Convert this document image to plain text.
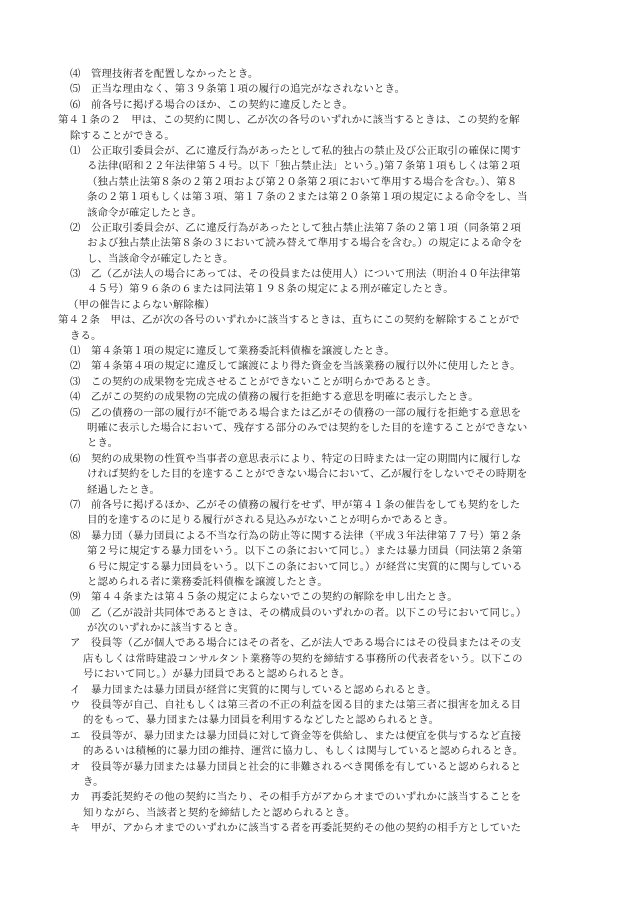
⑷　管理技術者を配置しなかったとき。
⑸　正当な理由なく、第３９条第１項の履行の追完がなされないとき。
⑹　前各号に掲げる場合のほか、この契約に違反したとき。
第４１条の２　甲は、この契約に関し、乙が次の各号のいずれかに該当するときは、この契約を解
除することができる。
⑴　公正取引委員会が、乙に違反行為があったとして私的独占の禁止及び公正取引の確保に関す
る法律(昭和２２年法律第５４号。以下「独占禁止法」という。)第７条第１項もしくは第２項
（独占禁止法第８条の２第２項および第２０条第２項において準用する場合を含む。）、第８
条の２第１項もしくは第３項、第１７条の２または第２０条第１項の規定による命令をし、当
該命令が確定したとき。
⑵　公正取引委員会が、乙に違反行為があったとして独占禁止法第７条の２第１項（同条第２項
および独占禁止法第８条の３において読み替えて準用する場合を含む。）の規定による命令を
し、当該命令が確定したとき。
⑶　乙（乙が法人の場合にあっては、その役員または使用人）について刑法（明治４０年法律第
４５号）第９６条の６または同法第１９８条の規定による刑が確定したとき。
（甲の催告によらない解除権）
第４２条　甲は、乙が次の各号のいずれかに該当するときは、直ちにこの契約を解除することがで
きる。
⑴　第４条第１項の規定に違反して業務委託料債権を譲渡したとき。
⑵　第４条第４項の規定に違反して譲渡により得た資金を当該業務の履行以外に使用したとき。
⑶　この契約の成果物を完成させることができないことが明らかであるとき。
⑷　乙がこの契約の成果物の完成の債務の履行を拒絶する意思を明確に表示したとき。
⑸　乙の債務の一部の履行が不能である場合または乙がその債務の一部の履行を拒絶する意思を
明確に表示した場合において、残存する部分のみでは契約をした目的を達することができない
とき。
⑹　契約の成果物の性質や当事者の意思表示により、特定の日時または一定の期間内に履行しな
ければ契約をした目的を達することができない場合において、乙が履行をしないでその時期を
経過したとき。
⑺　前各号に掲げるほか、乙がその債務の履行をせず、甲が第４１条の催告をしても契約をした
目的を達するのに足りる履行がされる見込みがないことが明らかであるとき。
⑻　暴力団（暴力団員による不当な行為の防止等に関する法律（平成３年法律第７７号）第２条
第２号に規定する暴力団をいう。以下この条において同じ。）または暴力団員（同法第２条第
６号に規定する暴力団員をいう。以下この条において同じ。）が経営に実質的に関与している
と認められる者に業務委託料債権を譲渡したとき。
⑼　第４４条または第４５条の規定によらないでこの契約の解除を申し出たとき。
⑽　乙（乙が設計共同体であるときは、その構成員のいずれかの者。以下この号において同じ。）
が次のいずれかに該当するとき。
ア　役員等（乙が個人である場合にはその者を、乙が法人である場合にはその役員またはその支
店もしくは常時建設コンサルタント業務等の契約を締結する事務所の代表者をいう。以下この
号において同じ。）が暴力団員であると認められるとき。
イ　暴力団または暴力団員が経営に実質的に関与していると認められるとき。
ウ　役員等が自己、自社もしくは第三者の不正の利益を図る目的または第三者に損害を加える目
的をもって、暴力団または暴力団員を利用するなどしたと認められるとき。
エ　役員等が、暴力団または暴力団員に対して資金等を供給し、または便宜を供与するなど直接
的あるいは積極的に暴力団の維持、運営に協力し、もしくは関与していると認められるとき。
オ　役員等が暴力団または暴力団員と社会的に非難されるべき関係を有していると認められると
き。
カ　再委託契約その他の契約に当たり、その相手方がアからオまでのいずれかに該当することを
知りながら、当該者と契約を締結したと認められるとき。
キ　甲が、アからオまでのいずれかに該当する者を再委託契約その他の契約の相手方としていた
